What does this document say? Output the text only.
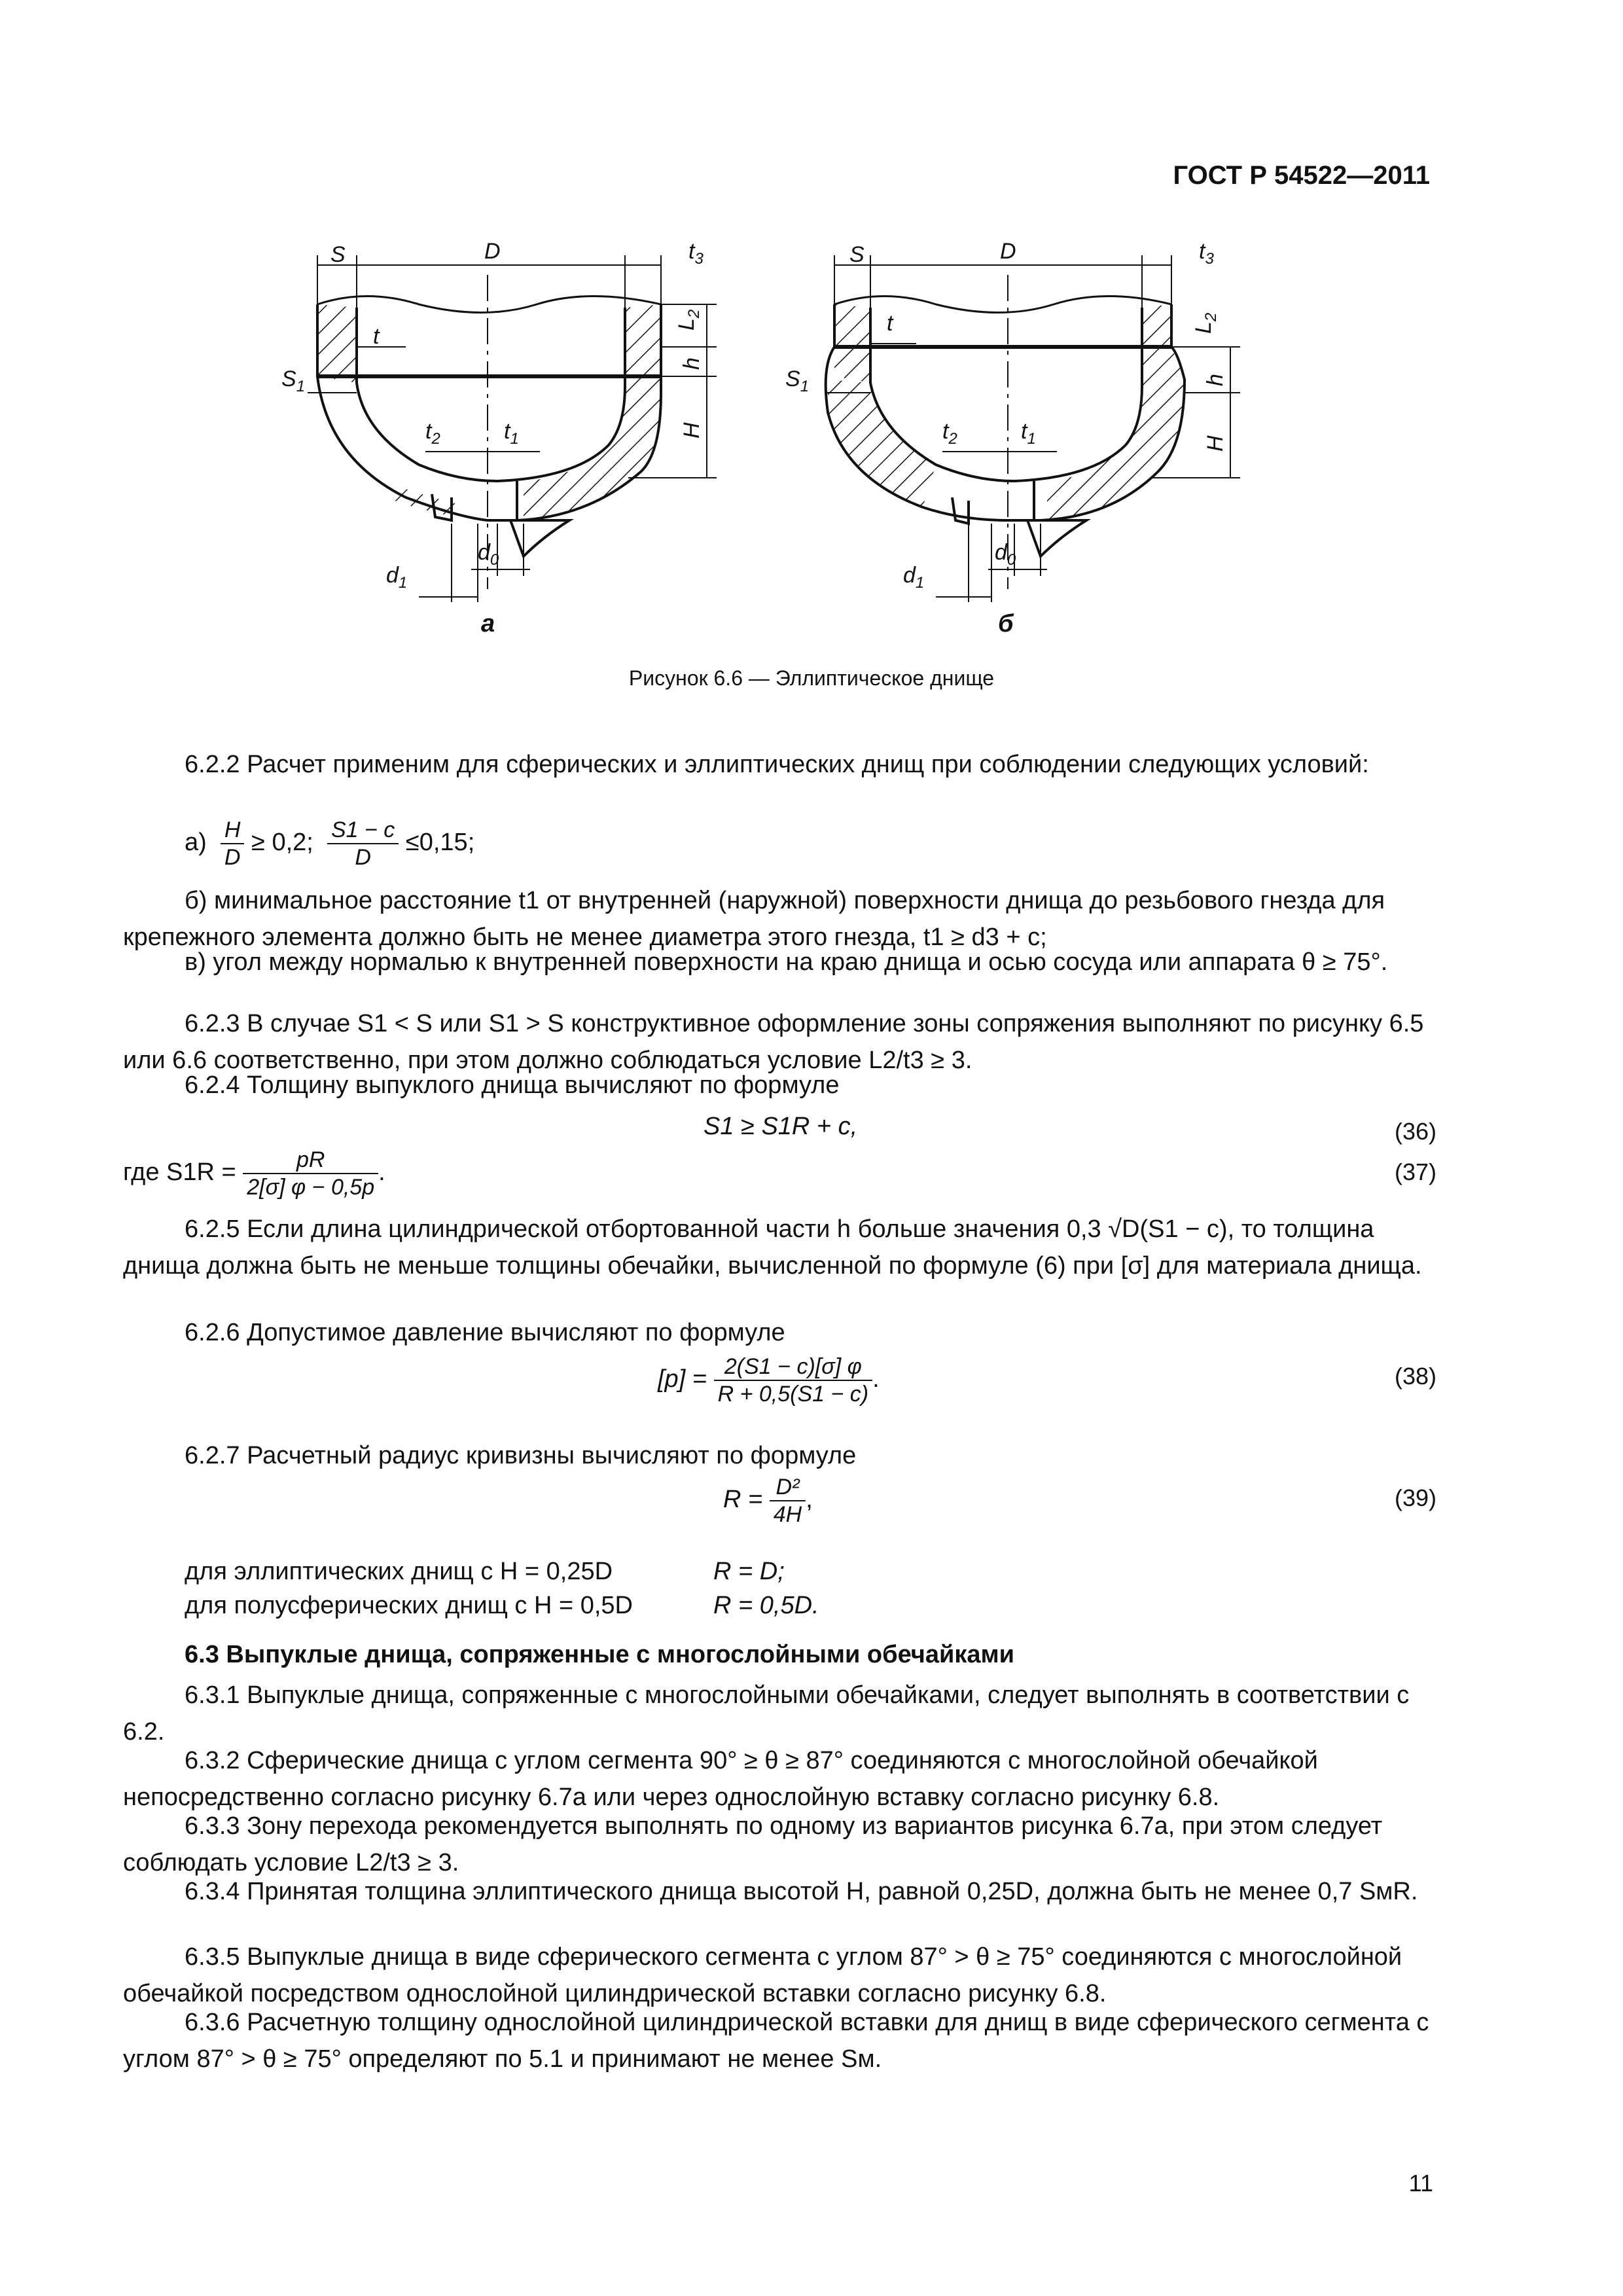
ГОСТ Р 54522—2011
S	D	$t_3$
$L_2$
t
$S_1$
h
H
$t_2$	$t_1$
$d_0$
$d_1$
а
S	D	$t_3$
$L_2$
t
$S_1$	h
H
$t_2$	$t_1$
$d_0$
$d_1$
б
Рисунок 6.6 — Эллиптическое днище
6.2.2 Расчет применим для сферических и эллиптических днищ при соблюдении следующих условий:
$а) \frac{H}{D} \ge 0,2$; $\frac{S1 - c}{D} \le 0,15$;
б) минимальное расстояние t1 от внутренней (наружной) поверхности днища до резьбового гнезда для крепежного элемента должно быть не менее диаметра этого гнезда, t1 ≥ d3 + c;
в) угол между нормалью к внутренней поверхности на краю днища и осью сосуда или аппарата θ ≥ 75°.
6.2.3 В случае S1 < S или S1 > S конструктивное оформление зоны сопряжения выполняют по рисунку 6.5 или 6.6 соответственно, при этом должно соблюдаться условие L2/t3 ≥ 3.
6.2.4 Толщину выпуклого днища вычисляют по формуле
S1 ≥ S1R + c,	(36)
где $S1R = \frac{pR}{2[\sigma] \varphi - 0,5p}$ .	(37)
6.2.5 Если длина цилиндрической отбортованной части h больше значения 0,3 √D(S1 − c), то толщина днища должна быть не меньше толщины обечайки, вычисленной по формуле (6) при [σ] для материала днища.
6.2.6 Допустимое давление вычисляют по формуле
$[p] = \frac{2(S1 - c)[\sigma] \varphi}{R + 0,5(S1 - c)}$ .	(38)
6.2.7 Расчетный радиус кривизны вычисляют по формуле
$R = \frac{\text{D²}}{4H}$ ,	(39)
для эллиптических днищ с H = 0,25D	R = D;
для полусферических днищ с H = 0,5D	R = 0,5D.
6.3 Выпуклые днища, сопряженные с многослойными обечайками
6.3.1 Выпуклые днища, сопряженные с многослойными обечайками, следует выполнять в соответствии с 6.2.
6.3.2 Сферические днища с углом сегмента 90° ≥ θ ≥ 87° соединяются с многослойной обечайкой непосредственно согласно рисунку 6.7а или через однослойную вставку согласно рисунку 6.8.
6.3.3 Зону перехода рекомендуется выполнять по одному из вариантов рисунка 6.7а, при этом следует соблюдать условие L2/t3 ≥ 3.
6.3.4 Принятая толщина эллиптического днища высотой H, равной 0,25D, должна быть не менее 0,7 SмR.
6.3.5 Выпуклые днища в виде сферического сегмента с углом 87° > θ ≥ 75° соединяются с многослойной обечайкой посредством однослойной цилиндрической вставки согласно рисунку 6.8.
6.3.6 Расчетную толщину однослойной цилиндрической вставки для днищ в виде сферического сегмента с углом 87° > θ ≥ 75° определяют по 5.1 и принимают не менее Sм.
11
